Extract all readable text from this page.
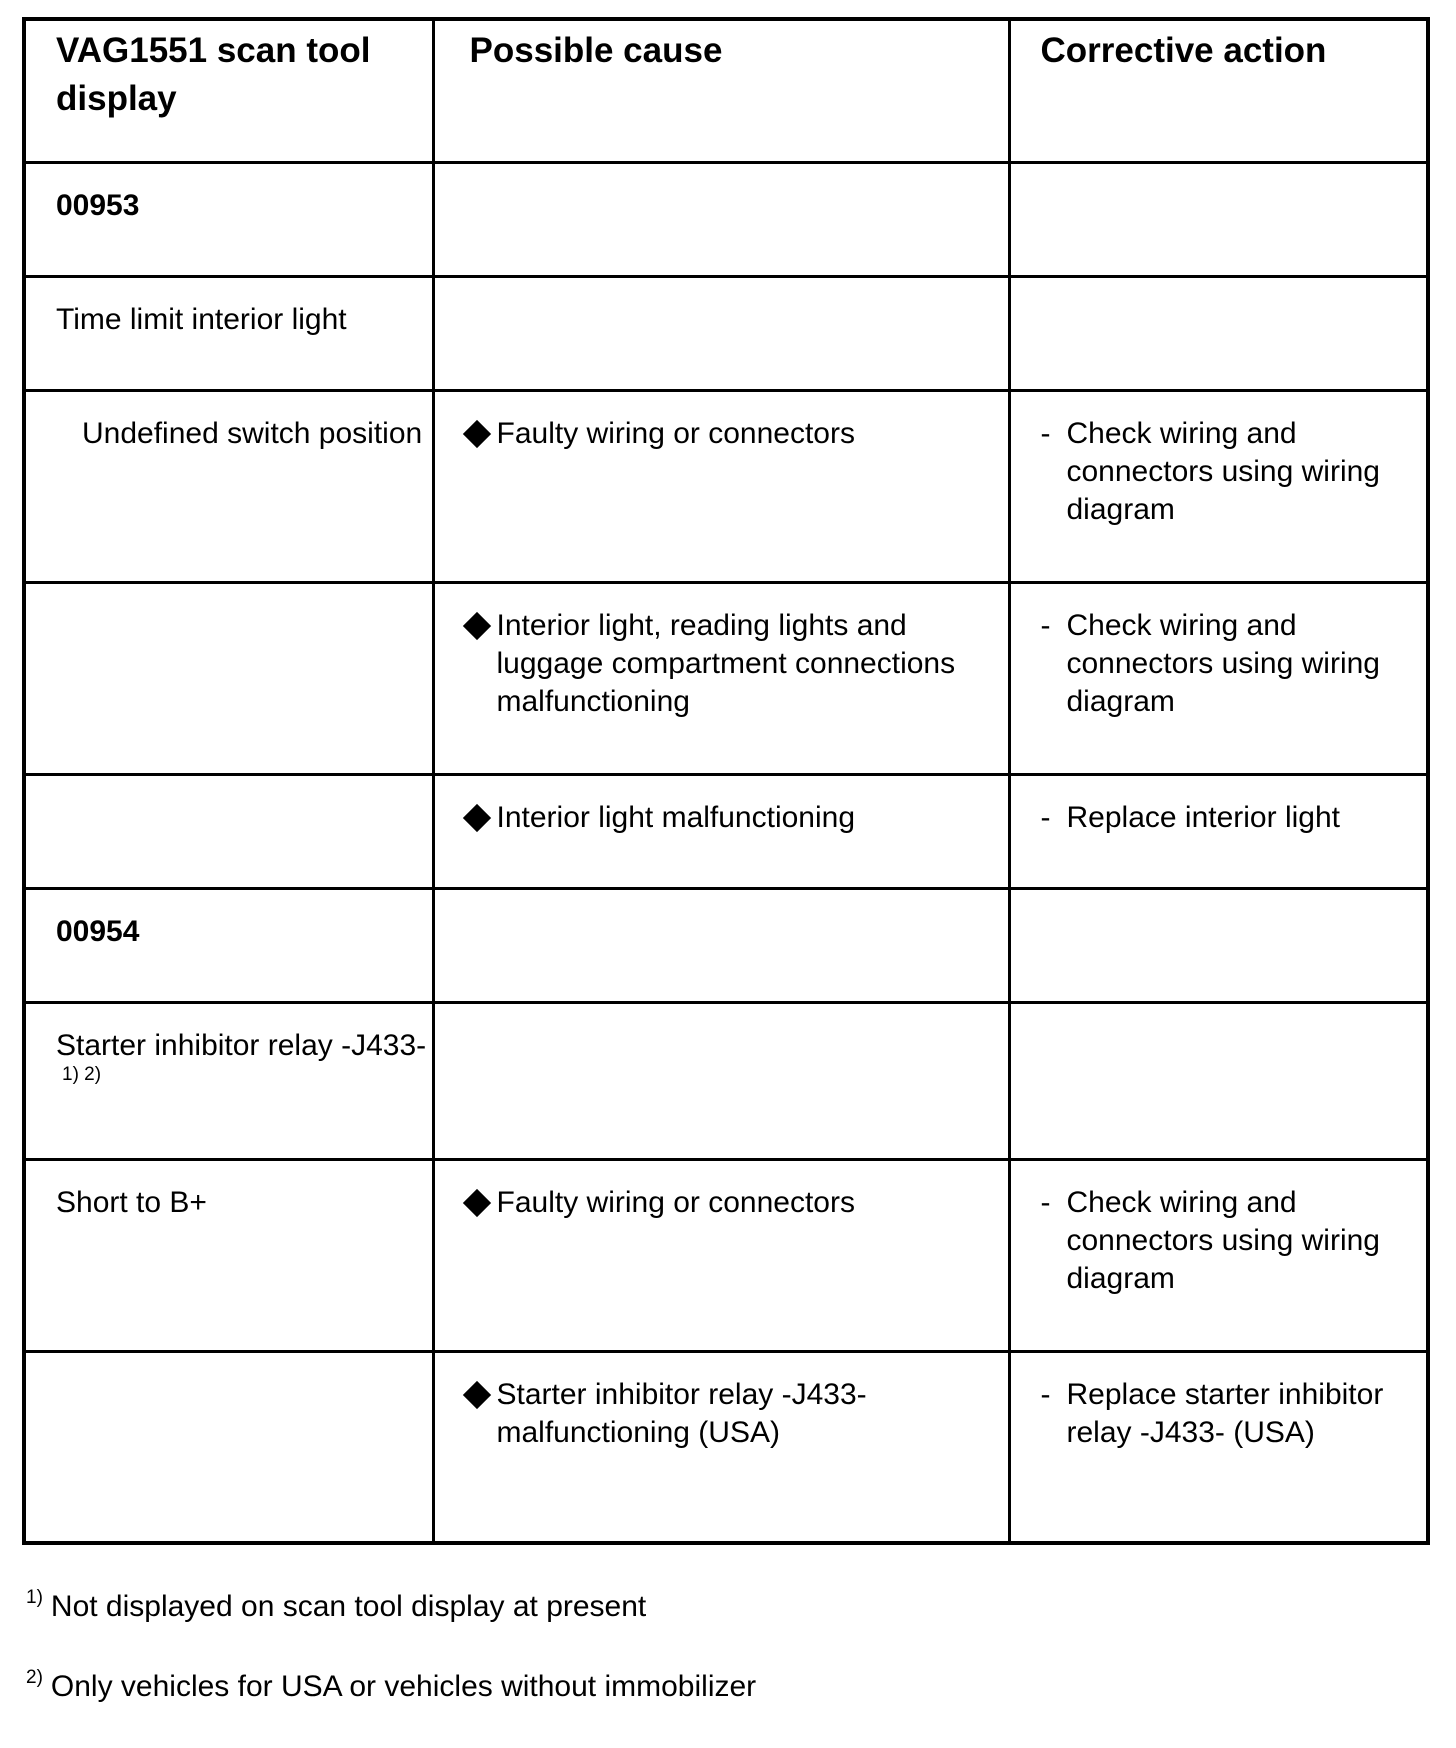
VAG1551 scan tool display	Possible cause	Corrective action
00953		
Time limit interior light		
Undefined switch position	Faulty wiring or connectors	- Check wiring and connectors using wiring diagram

	Interior light, reading lights and luggage compartment connections malfunctioning	- Check wiring and connectors using wiring diagram

	Interior light malfunctioning	- Replace interior light

00954		
Starter inhibitor relay -J433-$^{1) 2)}$		
Short to B+	Faulty wiring or connectors	- Check wiring and connectors using wiring diagram

	Starter inhibitor relay -J433- malfunctioning (USA)	- Replace starter inhibitor relay -J433- (USA)
$^{1)}$ Not displayed on scan tool display at present
$^{2)}$ Only vehicles for USA or vehicles without immobilizer
